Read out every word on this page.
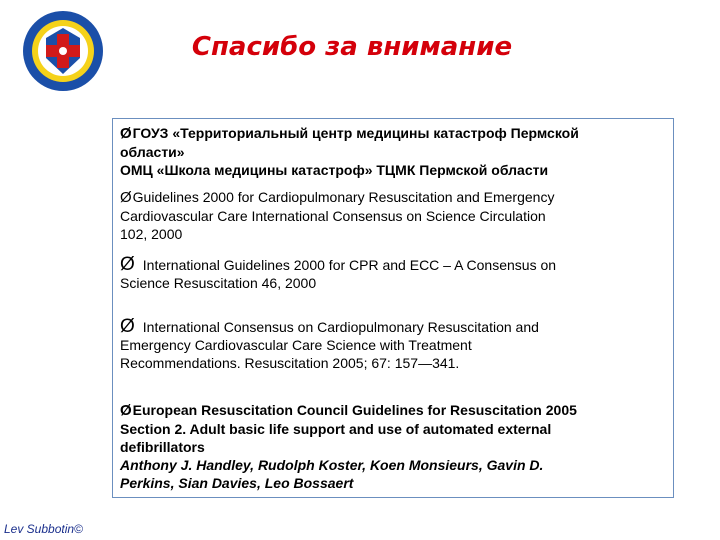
Спасибо за внимание
ØГОУЗ «Территориальный центр медицины катастроф Пермской
области»
ОМЦ «Школа медицины катастроф» ТЦМК Пермской области
ØGuidelines 2000 for Cardiopulmonary Resuscitation and Emergency
Cardiovascular Care International Consensus on Science Circulation
102, 2000
Ø International Guidelines 2000 for CPR and ECC – A Consensus on
Science Resuscitation 46, 2000
Ø International Consensus on Cardiopulmonary Resuscitation and
Emergency Cardiovascular Care Science with Treatment
Recommendations. Resuscitation 2005; 67: 157—341.
ØEuropean Resuscitation Council Guidelines for Resuscitation 2005
Section 2. Adult basic life support and use of automated external
defibrillators
Anthony J. Handley, Rudolph Koster, Koen Monsieurs, Gavin D.
Perkins, Sian Davies, Leo Bossaert
Lev Subbotin©
